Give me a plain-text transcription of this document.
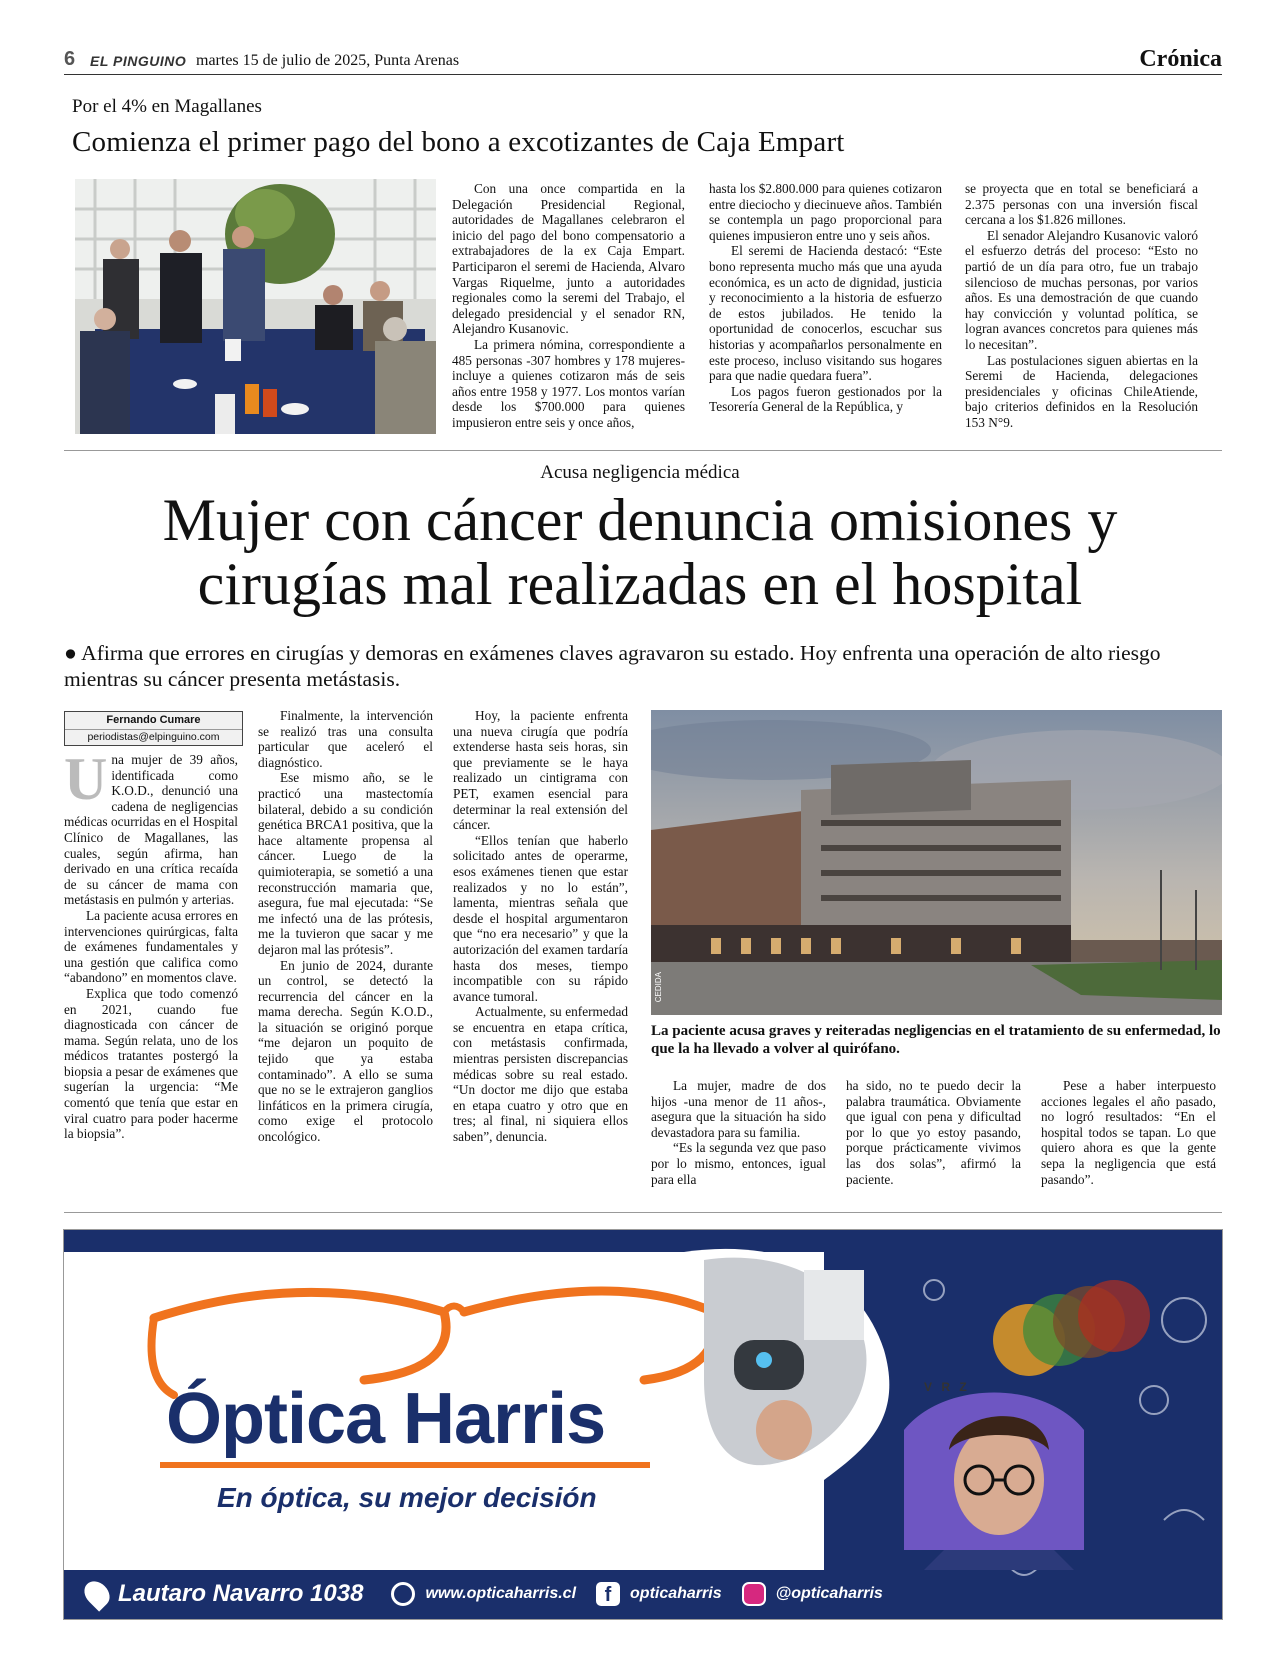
6 EL PINGUINO martes 15 de julio de 2025, Punta Arenas	Crónica
Por el 4% en Magallanes
Comienza el primer pago del bono a excotizantes de Caja Empart

Con una once compartida en la Delegación Presidencial Regional, autoridades de Magallanes celebraron el inicio del pago del bono compensatorio a extrabajadores de la ex Caja Empart. Participaron el seremi de Hacienda, Alvaro Vargas Riquelme, junto a autoridades regionales como la seremi del Trabajo, el delegado presidencial y el senador RN, Alejandro Kusanovic.

La primera nómina, correspondiente a 485 personas -307 hombres y 178 mujeres- incluye a quienes cotizaron más de seis años entre 1958 y 1977. Los montos varían desde los $700.000 para quienes impusieron entre seis y once años,

hasta los $2.800.000 para quienes cotizaron entre dieciocho y diecinueve años. También se contempla un pago proporcional para quienes impusieron entre uno y seis años.

El seremi de Hacienda destacó: “Este bono representa mucho más que una ayuda económica, es un acto de dignidad, justicia y reconocimiento a la historia de esfuerzo de estos jubilados. He tenido la oportunidad de conocerlos, escuchar sus historias y acompañarlos personalmente en este proceso, incluso visitando sus hogares para que nadie quedara fuera”.

Los pagos fueron gestionados por la Tesorería General de la República, y

se proyecta que en total se beneficiará a 2.375 personas con una inversión fiscal cercana a los $1.826 millones.

El senador Alejandro Kusanovic valoró el esfuerzo detrás del proceso: “Esto no partió de un día para otro, fue un trabajo silencioso de muchas personas, por varios años. Es una demostración de que cuando hay convicción y voluntad política, se logran avances concretos para quienes más lo necesitan”.

Las postulaciones siguen abiertas en la Seremi de Hacienda, delegaciones presidenciales y oficinas ChileAtiende, bajo criterios definidos en la Resolución 153 N°9.

Acusa negligencia médica
Mujer con cáncer denuncia omisiones y
cirugías mal realizadas en el hospital
● Afirma que errores en cirugías y demoras en exámenes claves agravaron su estado. Hoy enfrenta una operación de alto riesgo mientras su cáncer presenta metástasis.
Fernando Cumare
periodistas@elpinguino.com
U na mujer de 39 años, identificada como K.O.D., denunció una cadena de negligencias médicas ocurridas en el Hospital Clínico de Magallanes, las cuales, según afirma, han derivado en una crítica recaída de su cáncer de mama con metástasis en pulmón y arterias.

La paciente acusa errores en intervenciones quirúrgicas, falta de exámenes fundamentales y una gestión que califica como “abandono” en momentos clave.

Explica que todo comenzó en 2021, cuando fue diagnosticada con cáncer de mama. Según relata, uno de los médicos tratantes postergó la biopsia a pesar de exámenes que sugerían la urgencia: “Me comentó que tenía que estar en viral cuatro para poder hacerme la biopsia”.

Finalmente, la intervención se realizó tras una consulta particular que aceleró el diagnóstico.

Ese mismo año, se le practicó una mastectomía bilateral, debido a su condición genética BRCA1 positiva, que la hace altamente propensa al cáncer. Luego de la quimioterapia, se sometió a una reconstrucción mamaria que, asegura, fue mal ejecutada: “Se me infectó una de las prótesis, me la tuvieron que sacar y me dejaron mal las prótesis”.

En junio de 2024, durante un control, se detectó la recurrencia del cáncer en la mama derecha. Según K.O.D., la situación se originó porque “me dejaron un poquito de tejido que ya estaba contaminado”. A ello se suma que no se le extrajeron ganglios linfáticos en la primera cirugía, como exige el protocolo oncológico.

Hoy, la paciente enfrenta una nueva cirugía que podría extenderse hasta seis horas, sin que previamente se le haya realizado un cintigrama con PET, examen esencial para determinar la real extensión del cáncer.

“Ellos tenían que haberlo solicitado antes de operarme, esos exámenes tienen que estar realizados y no lo están”, lamenta, mientras señala que desde el hospital argumentaron que “no era necesario” y que la autorización del examen tardaría hasta dos meses, tiempo incompatible con su rápido avance tumoral.

Actualmente, su enfermedad se encuentra en etapa crítica, con metástasis confirmada, mientras persisten discrepancias médicas sobre su real estado. “Un doctor me dijo que estaba en etapa cuatro y otro que en tres; al final, ni siquiera ellos saben”, denuncia.

CEDIDA
La paciente acusa graves y reiteradas negligencias en el tratamiento de su enfermedad, lo que la ha llevado a volver al quirófano.

La mujer, madre de dos hijos -una menor de 11 años-, asegura que la situación ha sido devastadora para su familia.

“Es la segunda vez que paso por lo mismo, entonces, igual para ella

ha sido, no te puedo decir la palabra traumática. Obviamente que igual con pena y dificultad por lo que yo estoy pasando, porque prácticamente vivimos las dos solas”, afirmó la paciente.

Pese a haber interpuesto acciones legales el año pasado, no logró resultados: “En el hospital todos se tapan. Lo que quiero ahora es que la gente sepa la negligencia que está pasando”.

Óptica Harris
En óptica, su mejor decisión
V R Z
Lautaro Navarro 1038	www.opticaharris.cl	f	opticaharris	@opticaharris
